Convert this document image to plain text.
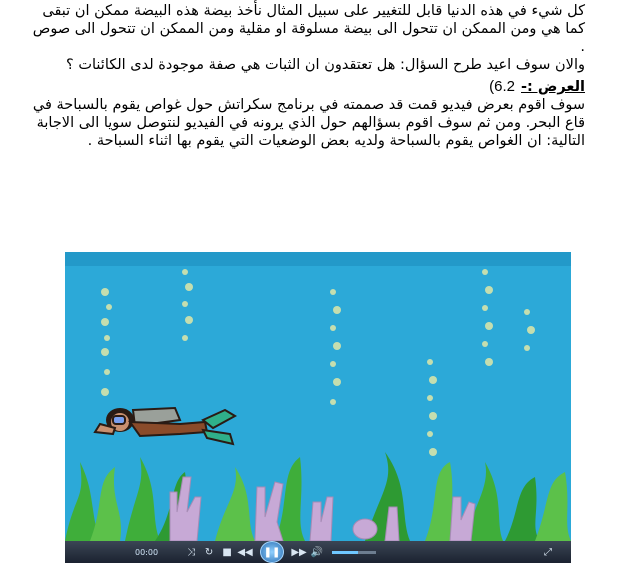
كل شيء في هذه الدنيا قابل للتغيير على سبيل المثال نأخذ بيضة هذه البيضة ممكن ان تبقى كما هي ومن الممكن ان تتحول الى بيضة مسلوقة او مقلية ومن الممكن ان تتحول الى صوص .

والان سوف اعيد طرح السؤال: هل تعتقدون ان الثبات هي صفة موجودة لدى الكائنات ؟

العرض :-
6.2)

سوف اقوم بعرض فيديو قمت قد صممته في برنامج سكراتش حول غواص يقوم بالسباحة في قاع البحر. ومن ثم سوف اقوم بسؤالهم حول الذي يرونه في الفيديو لنتوصل سويا الى الاجابة التالية: ان الغواص يقوم بالسباحة ولديه بعض الوضعيات التي يقوم بها اثناء السباحة .

00:00	⤨ ↻ ■ ◀◀	❚❚	▶▶ 🔊	⤢
